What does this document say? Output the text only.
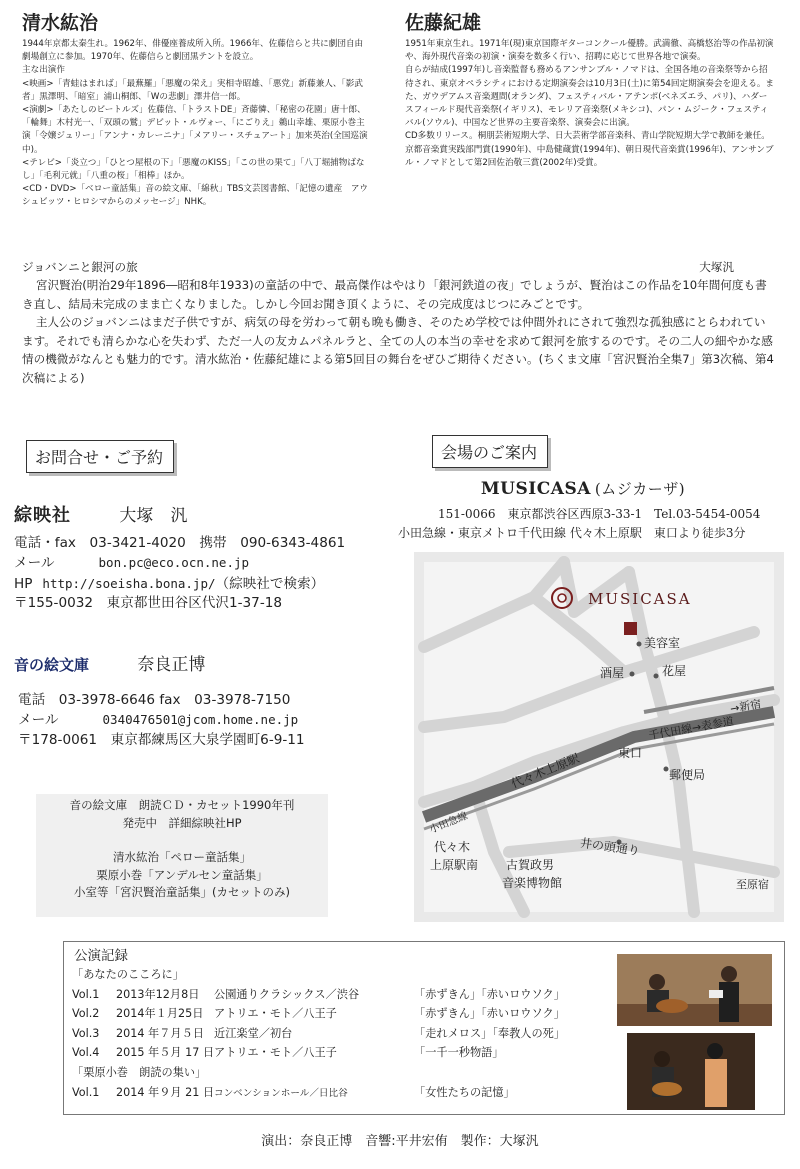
清水紘治

1944年京都太秦生れ。1962年、俳優座養成所入所。1966年、佐藤信らと共に劇団自由劇場創立に参加。1970年、佐藤信らと劇団黒テントを設立。

主な出演作

<映画>「青蛙はまれば」「最蕪羅」「悪魔の栄え」実相寺昭雄、「悪党」新藤兼人、「影武者」黒澤明、「暗室」浦山桐郎、「Wの悲劇」澤井信一郎。

<演劇>「あたしのビートルズ」佐藤信、「トラストDE」斉藤憐、「秘密の花園」唐十郎、「輪舞」木村光一、「双頭の鷲」デビット・ルヴォー、「にごりえ」鵜山幸雄、栗原小巻主演「令嬢ジュリー」「アンナ・カレーニナ」「メアリー・スチュアート」加来英治(全国巡演中)。

<テレビ>「炎立つ」「ひとつ屋根の下」「悪魔のKISS」「この世の果て」「八丁堀捕物ばなし」「毛利元就」「八重の桜」「相棒」ほか。

<CD・DVD>「ベロー童話集」音の絵文庫、「綿秋」TBS文芸図書館、「記憶の遺産　アウシュビッツ・ヒロシマからのメッセージ」NHK。

佐藤紀雄

1951年東京生れ。1971年(現)東京国際ギターコンクール優勝。武満徹、高橋悠治等の作品初演や、海外現代音楽の初演・演奏を数多く行い、招聘に応じて世界各地で演奏。

自らが結成(1997年)し音楽監督も務めるアンサンブル・ノマドは、全国各地の音楽祭等から招待され、東京オペラシティにおける定期演奏会は10月3日(土)に第54回定期演奏会を迎える。また、ガウデアムス音楽週間(オランダ)、フェスティバル・アテンポ(ベネズエラ、パリ)、ハダースフィールド現代音楽祭(イギリス)、モレリア音楽祭(メキシコ)、パン・ムジーク・フェスティバル(ソウル)、中国など世界の主要音楽祭、演奏会に出演。

CD多数リリース。桐朋芸術短期大学、日大芸術学部音楽科、青山学院短期大学で教師を兼任。京都音楽賞実践部門賞(1990年)、中島健蔵賞(1994年)、朝日現代音楽賞(1996年)、アンサンブル・ノマドとして第2回佐治敬三賞(2002年)受賞。

ジョバンニと銀河の旅	大塚汎

宮沢賢治(明治29年1896―昭和8年1933)の童話の中で、最高傑作はやはり「銀河鉄道の夜」でしょうが、賢治はこの作品を10年間何度も書き直し、結局未完成のまま亡くなりました。しかし今回お聞き頂くように、その完成度はじつにみごとです。

主人公のジョバンニはまだ子供ですが、病気の母を労わって朝も晩も働き、そのため学校では仲間外れにされて強烈な孤独感にとらわれています。それでも清らかな心を失わず、ただ一人の友カムパネルラと、全ての人の本当の幸せを求めて銀河を旅するのです。その二人の細やかな感情の機微がなんとも魅力的です。清水紘治・佐藤紀雄による第5回目の舞台をぜひご期待ください。(ちくま文庫「宮沢賢治全集7」第3次稿、第4次稿による)

お問合せ・ご予約
綜映社	大塚　汎
電話・fax　03-3421-4020　携帯　090-6343-4861
メール	bon.pc@eco.ocn.ne.jp
HP http://soeisha.bona.jp/（綜映社で検索）
〒155-0032　東京都世田谷区代沢1-37-18
音の絵文庫	奈良正博
電話　03-3978-6646 fax　03-3978-7150
メール	0340476501@jcom.home.ne.jp
〒178-0061　東京都練馬区大泉学園町6-9-11

音の絵文庫　朗読ＣＤ・カセット1990年刊

発売中　詳細綜映社HP

清水紘治「ペロー童話集」

栗原小巻「アンデルセン童話集」

小室等「宮沢賢治童話集」(カセットのみ)

会場のご案内
MUSICASA (ムジカーザ)
151-0066　東京都渋谷区西原3-33-1　Tel.03-5454-0054
小田急線・東京メトロ千代田線 代々木上原駅　東口より徒歩3分
MUSICASA
美容室
酒屋	花屋
→新宿
千代田線→表参道
東口
郵便局
代々木上原駅
小田急線
代々木
上原駅南 古賀政男
音楽博物館
井の頭通り
至原宿
公演記録
「あなたのこころに」
Vol.1 2013年12月8日 公園通りクラシックス／渋谷	「赤ずきん」「赤いロウソク」
Vol.2 2014年１月25日 アトリエ・モト／八王子	「赤ずきん」「赤いロウソク」
Vol.3 2014 年７月５日 近江楽堂／初台	「走れメロス」「奉教人の死」
Vol.4 2015 年５月 17 日アトリエ・モト／八王子	「一千一秒物語」
「栗原小巻　朗読の集い」
Vol.1 2014 年９月 21 日コンベンションホール／日比谷	「女性たちの記憶」
演出：奈良正博　音響:平井宏侑　製作：大塚汎
